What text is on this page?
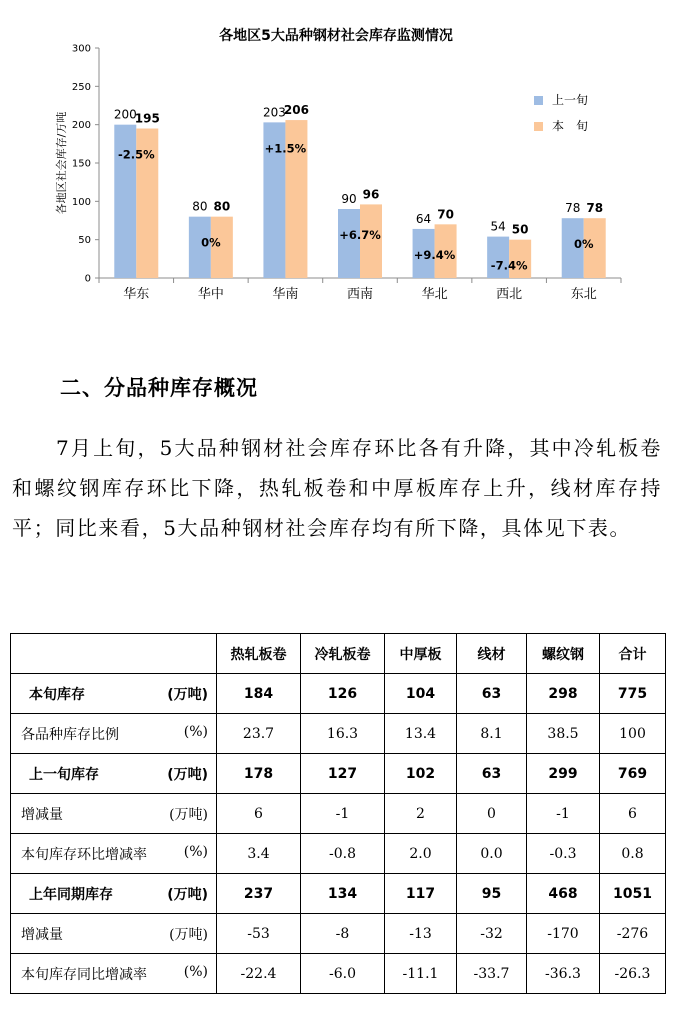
各地区5大品种钢材社会库存监测情况
0
50
100
150
200
250
300
各地区社会库存/万吨	200
195
-2.5%
华东
80 80
0%
华中
203
206
+1.5%
华南
90 96
+6.7%
西南
64 70
+9.4%
华北
54 50
-7.4%
西北
78 78
0%
东北
上一旬
本　旬
二、分品种库存概况
7月上旬，5大品种钢材社会库存环比各有升降，其中冷轧板卷和螺纹钢库存环比下降，热轧板卷和中厚板库存上升，线材库存持平；同比来看，5大品种钢材社会库存均有所下降，具体见下表。
	热轧板卷	冷轧板卷	中厚板	线材	螺纹钢	合计

(万吨)
本旬库存	184	126	104	63	298	775

(%)
各品种库存比例	23.7	16.3	13.4	8.1	38.5	100

(万吨)
上一旬库存	178	127	102	63	299	769

(万吨)
增减量	6	-1	2	0	-1	6

(%)
本旬库存环比增减率	3.4	-0.8	2.0	0.0	-0.3	0.8

(万吨)
上年同期库存	237	134	117	95	468	1051

(万吨)
增减量	-53	-8	-13	-32	-170	-276

(%)
本旬库存同比增减率	-22.4	-6.0	-11.1	-33.7	-36.3	-26.3
